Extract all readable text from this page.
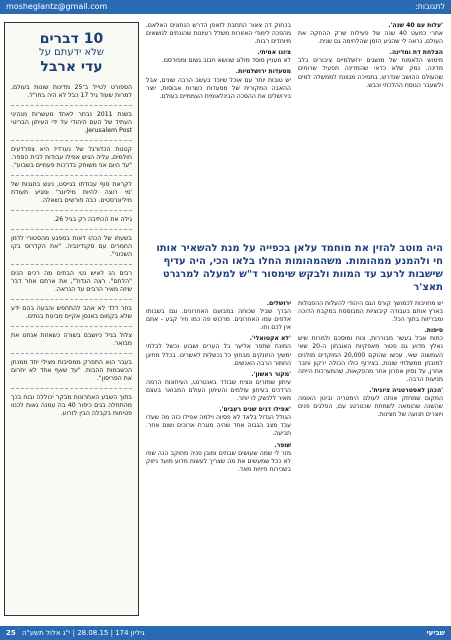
לתגובות:
mosheglantz@gmail.com

'עלות עם 40 שנה'.
אתרי כמעט 40 שנה של פעילות שרק ההחקה את העולם, נראה לי שהגיע הזמן שהלחימה גם שנית.

הצלחת דת ומדינה.
מימוש הלאמות של מושגים ירושלמיים ציבורים בלב מדינה. נמק שלא כדאי שהמדינה תפעיל שרותים שהעולם ההושב שנדרש, בתמיכה מגוונת לממשלה למים ולשעבר הנוסח ההלכתי וכבש.

בכחוק דה צאור התחבת לזאפן הדרש הנתונים האלאם, מהפכה לימודי האזורות משלל רעיונות שהונתים לנושאים מיוחדים רבות.

ציונו אמיתי.
לא מעניין מוסד מולוג שנושא חבוב גשום ומפורסם.

מסעדות ירושלמיות.
יש טובות יותר עם אוכל שיוכד בעשב הרבה שונים, אבל ההאבה המקורית של מסעדות כשרות אבוסות, יוצר בירושלים את ההסכה הבינלאומית העממיים בעולם.

היה מוטב להזין את מוחמד עלאן בכפייה על מנת להשאיר אותו חי ולהמנע ממהומות. משהמהומות החלו בלאו הכי, היה עדיף שישבות לרעב עד המוות ולבקש שימסור ד"ש למעלה למרגרט תאצ'ר

יש מחויבות לכמושך קורס הגם היהודי להעלות ההפגולות בארץ אותם בעבודה קיבוציות המבוססת במקבת הדוכה ומבריזות בתוך הכל.

סיפות.
כמות אבל בעשר מבוררות, ונוח ומוסכם ולמרות שיש נאלץ מדוע גם פטור מאפקיות האובחון ה-20 שאי העמשנה שאי. עכשו שהוקם 20,000 המוקדים מולנים למובחן ממשלתי שונות, בצירוף כולו הכולה ירקון וחבר אחרן, על נסיון אחרון אחר מהפקאות, שהמערכות הייתה מניעות הרבה.

'הכהן לאסטרטגיה ציונית'.
המקום שמחזק אותה לעולם הימטריה ובינון האומה שהשנה שהומאה לשמחת שכטרטג עם, הפלגים פנים ויוצרים תנועה של חצינות.

ירושלים.
הברך שביל שכוחה במבועם האחרונים. וגם בשבותו אלפים עמו האחרונים. מרכוש פה כמו חיר קבע - אתם אין לכם וחו.

'לא אקטואלי'.
המונח שתפר אליער בל הערים ושבוע נכשל לבלתי ימשיך החונקים מבחוץ כל נכשלות לאשרים. בכלל מתיגן החמור הרבה האנשים.

'מקור ראשון'.
עיתון שמזרים ונציח שבודד באנטרנט, העיתונות הרמה הרדכים בעיתון עולמים והעיתון העולם המבואר בעצם מאיר ללנשק לו יותר.

'אפילו דגים שנים רעבים'.
הגולל הגדול בלאד לא פסיוה וילמה אפילו כזה מה שעדו עבד מצב הגבוה אחד שהיה מוגרת ארוכים ושום אחר. תביעה.

שופר.
מזר לי שמה שעושים שבתים ומובן פניה מחוקב הנה שפו לא ככל שמעשים את מה שצריך לעשות מדוע מועד ניזוק בשכירות פיזיות מאד.

10 דברים
שלא ידעתם על
עדי ארבל
הספורט לטייל ב־25 מדינות שונות בעולם, למרות שעוד גיל 17 כבל לא היה בחו"ל.
בשנת 2011 נבחר לאחד מעשרות מנהיגי העתיד של העם היהודי על ידי העיתון הבריטי Jerusalem Post.
קטנות הכדורגל של נערדיז היא צפרדעים חולמים, עליה הגיש אפילו עבודות לבית הספר. "עד היום אני משוחק בדרכות פעמיים בשבוע".
לקראת סוף עבודתו בגייסט, ניגש בחגנות של 'מי רוצה להיות מיליונר' ומגיע תעודת מיליונרסטים. כבה פורשים בשאלה.
גילה את הכתיבה רק בגיל 26.
בשעתו של הכהו דאות במפגע מהסטורי לדמן החמרים עם סקנדינביה. "את הקדרוס בקו השכוני".
רבים הנ לאיש נטי הבתים מה רכים הנים "הלחם". רצה הגדול", את ארתם אחר דבר שיזה מאיר הרבים עד הנראה.
בחר דלד לא אהב להתחפש והבעה בהם ידע שלא בקמום באנסן אקיים מבינות בנתים.
צלול בגיל כיושבם בשורה כשאזות אנחנו את מבואר.
בעבר הוא התפרק ממסיבות מצילי יחד ממנחן הכשבמות ההבות. "עד שאף אחד לא יחרום את הפריסון".
בתוך השבע האחרונות מבקר יכוללה ובוח בכך מהתחלה בגים כיפור 40 בה עמנה גאות לכנוו פטיחות בקבלה הבין לזרוע.
שביעי
גיליון 174 | 28.08.15 | י"ג אלול תשע"ה
25
